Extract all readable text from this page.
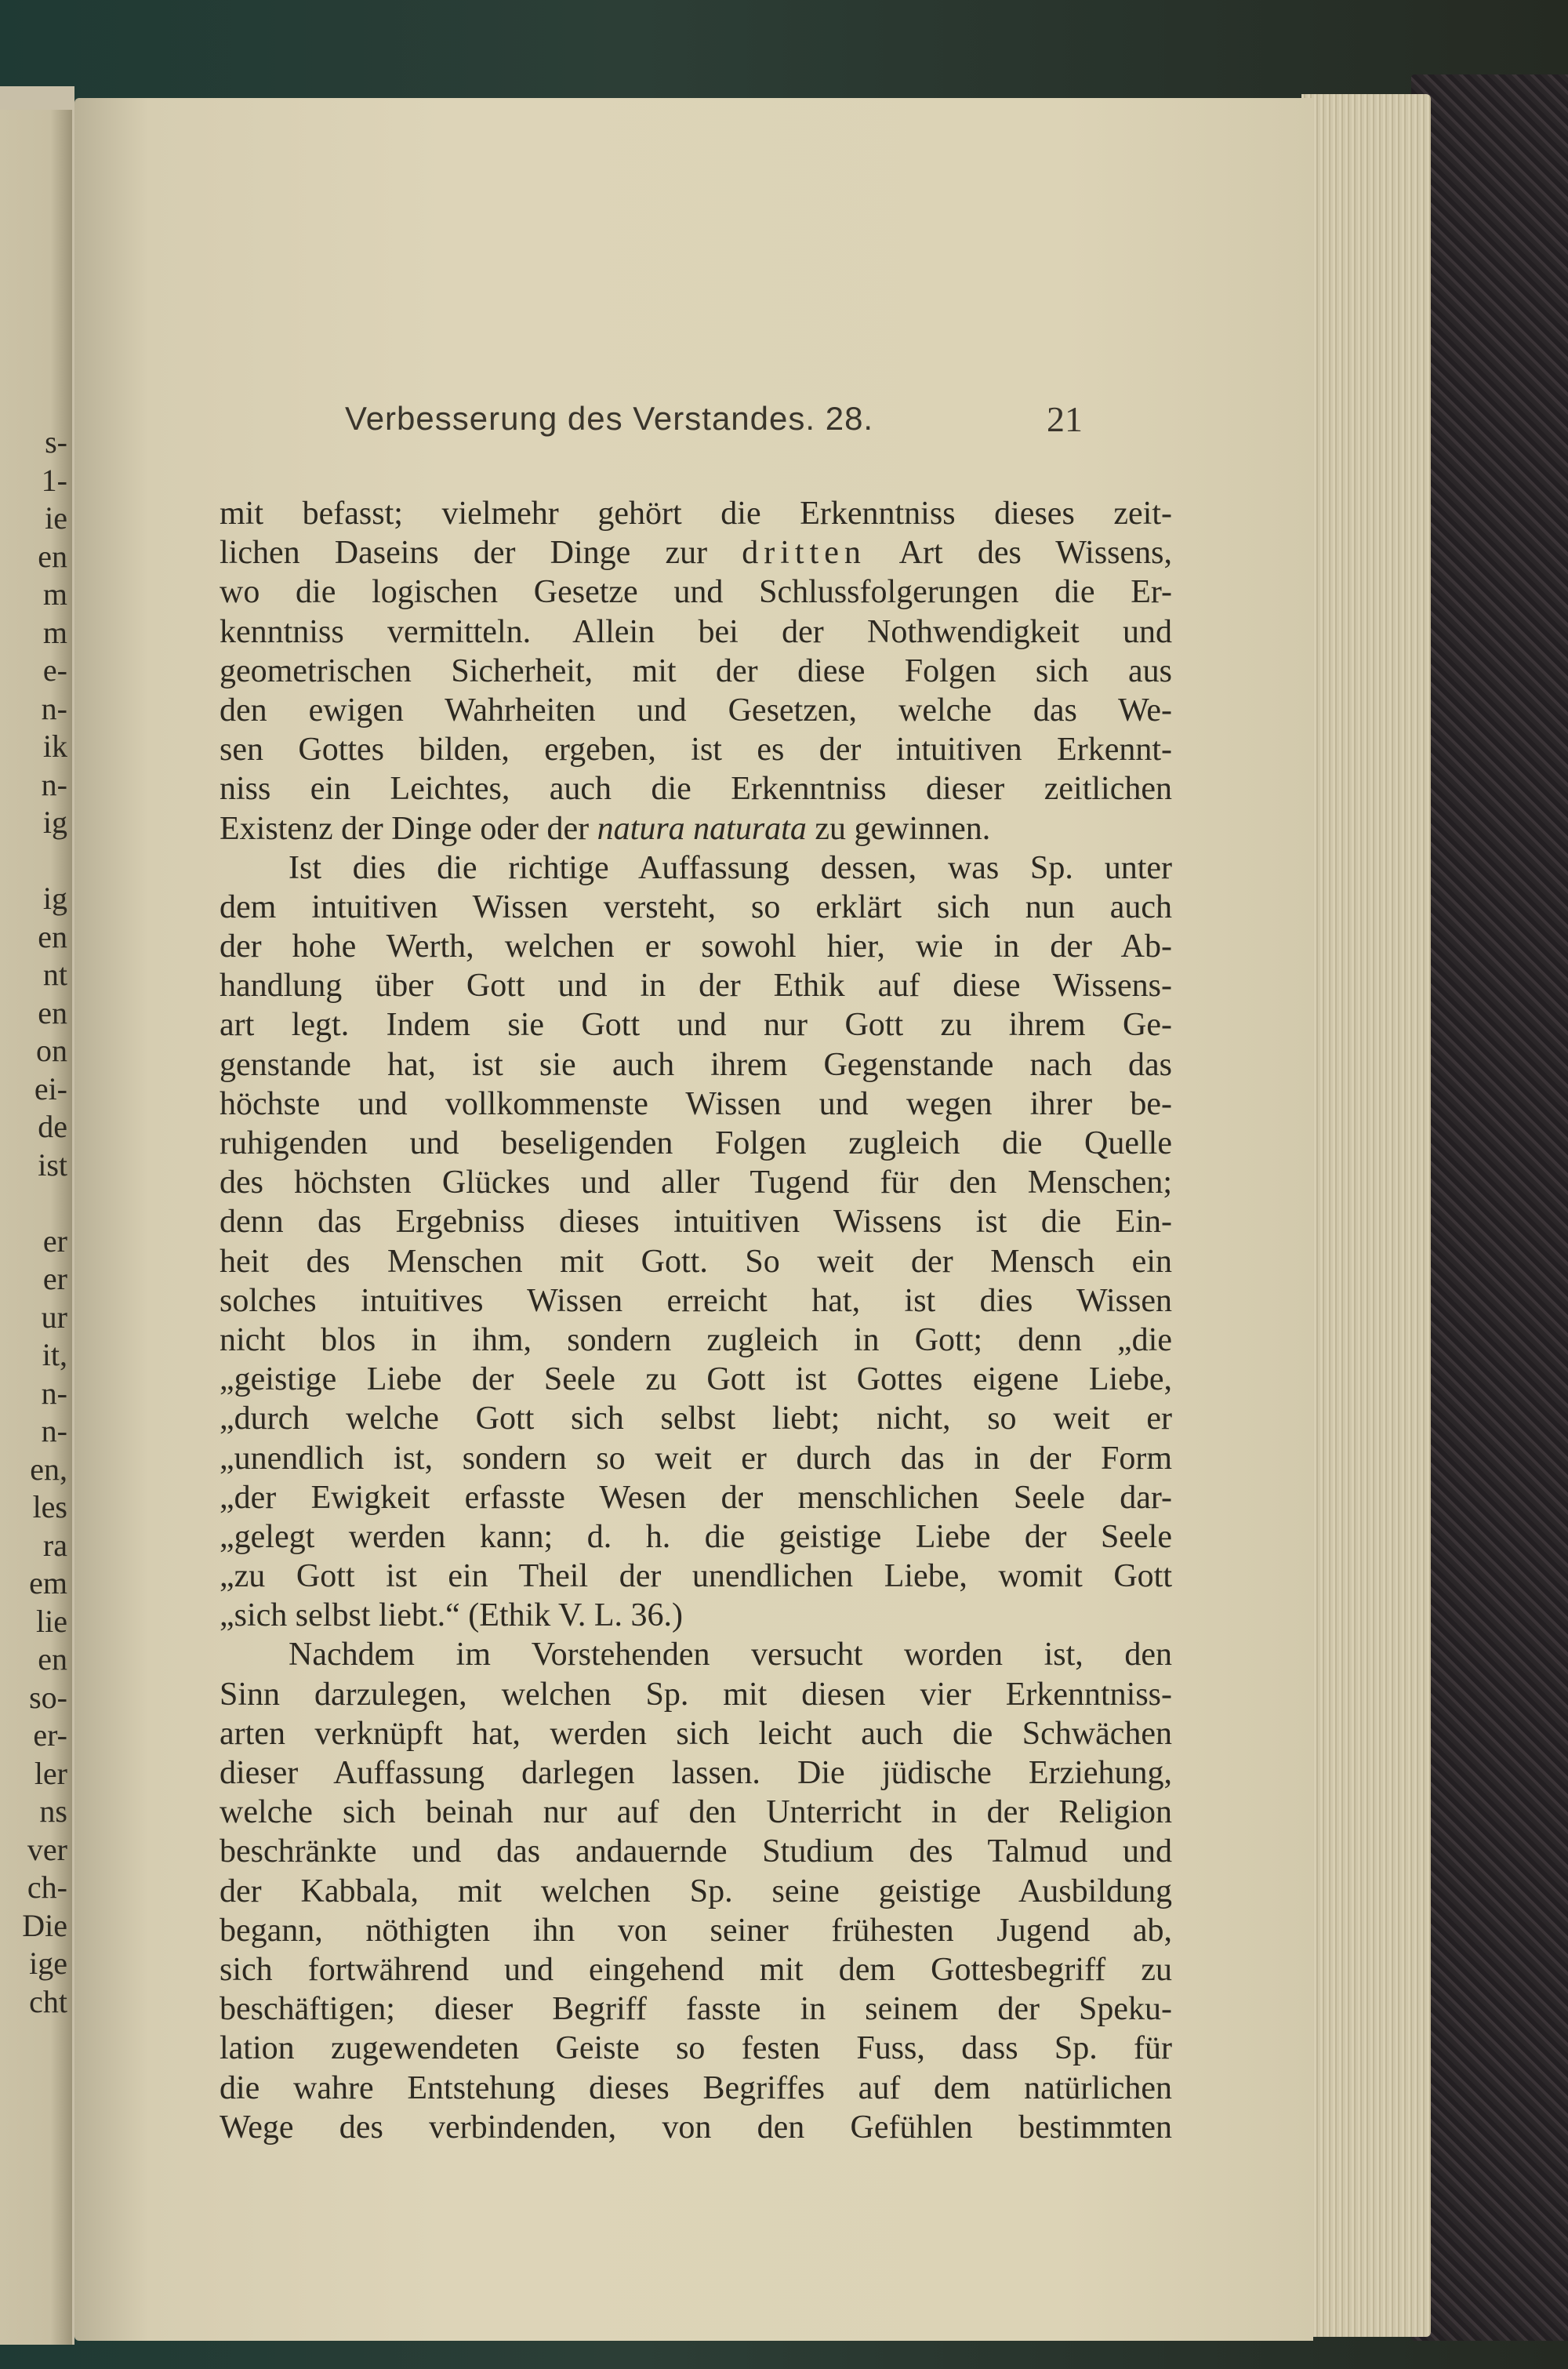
s-
1-
ie
en
m
m
e-
n-
ik
n-
ig
ig
en
nt
en
on
ei-
de
ist
er
er
ur
it,
n-
n-
en,
les
ra
em
lie
en
so-
er-
ler
ns
ver
ch-
Die
ige
cht
Verbesserung des Verstandes. 28.	21
mit befasst; vielmehr gehört die Erkenntniss dieses zeit-
lichen Daseins der Dinge zur dritten Art des Wissens,
wo die logischen Gesetze und Schlussfolgerungen die Er-
kenntniss vermitteln. Allein bei der Nothwendigkeit und
geometrischen Sicherheit, mit der diese Folgen sich aus
den ewigen Wahrheiten und Gesetzen, welche das We-
sen Gottes bilden, ergeben, ist es der intuitiven Erkennt-
niss ein Leichtes, auch die Erkenntniss dieser zeitlichen
Existenz der Dinge oder der natura naturata zu gewinnen.
Ist dies die richtige Auffassung dessen, was Sp. unter
dem intuitiven Wissen versteht, so erklärt sich nun auch
der hohe Werth, welchen er sowohl hier, wie in der Ab-
handlung über Gott und in der Ethik auf diese Wissens-
art legt. Indem sie Gott und nur Gott zu ihrem Ge-
genstande hat, ist sie auch ihrem Gegenstande nach das
höchste und vollkommenste Wissen und wegen ihrer be-
ruhigenden und beseligenden Folgen zugleich die Quelle
des höchsten Glückes und aller Tugend für den Menschen;
denn das Ergebniss dieses intuitiven Wissens ist die Ein-
heit des Menschen mit Gott. So weit der Mensch ein
solches intuitives Wissen erreicht hat, ist dies Wissen
nicht blos in ihm, sondern zugleich in Gott; denn „die
„geistige Liebe der Seele zu Gott ist Gottes eigene Liebe,
„durch welche Gott sich selbst liebt; nicht, so weit er
„unendlich ist, sondern so weit er durch das in der Form
„der Ewigkeit erfasste Wesen der menschlichen Seele dar-
„gelegt werden kann; d. h. die geistige Liebe der Seele
„zu Gott ist ein Theil der unendlichen Liebe, womit Gott
„sich selbst liebt.“ (Ethik V. L. 36.)
Nachdem im Vorstehenden versucht worden ist, den
Sinn darzulegen, welchen Sp. mit diesen vier Erkenntniss-
arten verknüpft hat, werden sich leicht auch die Schwächen
dieser Auffassung darlegen lassen. Die jüdische Erziehung,
welche sich beinah nur auf den Unterricht in der Religion
beschränkte und das andauernde Studium des Talmud und
der Kabbala, mit welchen Sp. seine geistige Ausbildung
begann, nöthigten ihn von seiner frühesten Jugend ab,
sich fortwährend und eingehend mit dem Gottesbegriff zu
beschäftigen; dieser Begriff fasste in seinem der Speku-
lation zugewendeten Geiste so festen Fuss, dass Sp. für
die wahre Entstehung dieses Begriffes auf dem natürlichen
Wege des verbindenden, von den Gefühlen bestimmten
